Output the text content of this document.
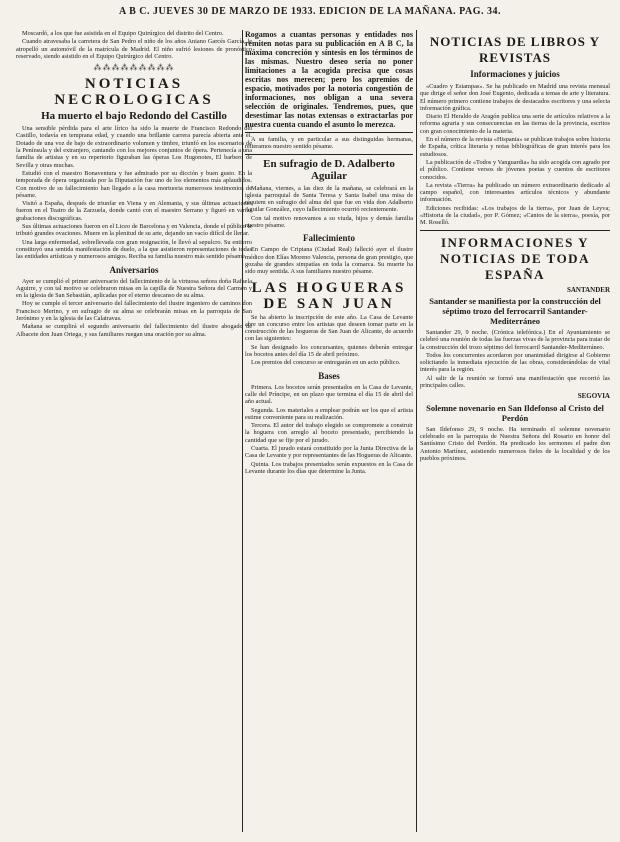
A B C. JUEVES 30 DE MARZO DE 1933. EDICION DE LA MAÑANA. PAG. 34.

Moscardó, a los que fue asistida en el Equipo Quirúrgico del distrito del Centro.

Cuando atravesaba la carretera de San Pedro el niño de los años Aniano Garcés García, le atropelló un automóvil de la matrícula de Madrid. El niño sufrió lesiones de pronóstico reservado, siendo asistido en el Equipo Quirúrgico del Centro.

⁂⁂⁂⁂⁂⁂⁂⁂⁂
NOTICIAS NECROLOGICAS
Ha muerto el bajo Redondo del Castillo

Una sensible pérdida para el arte lírico ha sido la muerte de Francisco Redondo del Castillo, todavía en temprana edad, y cuando una brillante carrera parecía abierta ante él. Dotado de una voz de bajo de extraordinario volumen y timbre, triunfó en los escenarios de la Península y del extranjero, cantando con los mejores conjuntos de ópera. Pertenecía a una familia de artistas y en su repertorio figuraban las óperas Los Hugonotes, El barbero de Sevilla y otras muchas.

Estudió con el maestro Bonaventura y fue admirado por su dicción y buen gusto. En la temporada de ópera organizada por la Diputación fue uno de los elementos más aplaudidos. Con motivo de su fallecimiento han llegado a la casa mortuoria numerosos testimonios de pésame.

Visitó a España, después de triunfar en Viena y en Alemania, y sus últimas actuaciones fueron en el Teatro de la Zarzuela, donde cantó con el maestro Serrano y figuró en varias grabaciones discográficas.

Sus últimas actuaciones fueron en el Liceo de Barcelona y en Valencia, donde el público le tributó grandes ovaciones. Muere en la plenitud de su arte, dejando un vacío difícil de llenar.

Una larga enfermedad, sobrellevada con gran resignación, le llevó al sepulcro. Su entierro constituyó una sentida manifestación de duelo, a la que asistieron representaciones de todas las entidades artísticas y numerosos amigos. Reciba su familia nuestro más sentido pésame.

Aniversarios

Ayer se cumplió el primer aniversario del fallecimiento de la virtuosa señora doña Rafaela Aguirre, y con tal motivo se celebraron misas en la capilla de Nuestra Señora del Carmen y en la iglesia de San Sebastián, aplicadas por el eterno descanso de su alma.

Hoy se cumple el tercer aniversario del fallecimiento del ilustre ingeniero de caminos don Francisco Merino, y en sufragio de su alma se celebrarán misas en la parroquia de San Jerónimo y en la iglesia de las Calatravas.

Mañana se cumplirá el segundo aniversario del fallecimiento del ilustre abogado de Albacete don Juan Ortega, y sus familiares ruegan una oración por su alma.

Rogamos a cuantas personas y entidades nos remiten notas para su publicación en A B C, la máxima concreción y síntesis en los términos de las mismas. Nuestro deseo sería no poner limitaciones a la acogida precisa que cosas escritas nos merecen; pero los apremios de espacio, motivados por la notoria congestión de informaciones, nos obligan a una severa selección de originales. Tendremos, pues, que desestimar las notas extensas o extractarlas por nuestra cuenta cuando el asunto lo merezca.

A su familia, y en particular a sus distinguidas hermanas, reiteramos nuestro sentido pésame.

En sufragio de D. Adalberto Aguilar

Mañana, viernes, a las diez de la mañana, se celebrará en la iglesia parroquial de Santa Teresa y Santa Isabel una misa de réquiem en sufragio del alma del que fue en vida don Adalberto Aguilar González, cuyo fallecimiento ocurrió recientemente.

Con tal motivo renovamos a su viuda, hijos y demás familia nuestro pésame.

Fallecimiento

En Campo de Criptana (Ciudad Real) falleció ayer el ilustre médico don Elías Moreno Valencia, persona de gran prestigio, que gozaba de grandes simpatías en toda la comarca. Su muerte ha sido muy sentida. A sus familiares nuestro pésame.

LAS HOGUERAS DE SAN JUAN

Se ha abierto la inscripción de este año. La Casa de Levante abre un concurso entre los artistas que deseen tomar parte en la construcción de las hogueras de San Juan de Alicante, de acuerdo con las siguientes:

Se han designado los concursantes, quienes deberán entregar los bocetos antes del día 15 de abril próximo.

Los premios del concurso se entregarán en un acto público.

Bases

Primera. Los bocetos serán presentados en la Casa de Levante, calle del Príncipe, en un plazo que termina el día 15 de abril del año actual.

Segunda. Los materiales a emplear podrán ser los que el artista estime conveniente para su realización.

Tercera. El autor del trabajo elegido se compromete a construir la hoguera con arreglo al boceto presentado, percibiendo la cantidad que se fije por el jurado.

Cuarta. El jurado estará constituido por la Junta Directiva de la Casa de Levante y por representantes de las Hogueras de Alicante.

Quinta. Los trabajos presentados serán expuestos en la Casa de Levante durante los días que determine la Junta.

NOTICIAS DE LIBROS Y REVISTAS
Informaciones y juicios

«Cuadro y Estampas». Se ha publicado en Madrid una revista mensual que dirige el señor don José Eugenio, dedicada a temas de arte y literatura. El número primero contiene trabajos de destacados escritores y una selecta información gráfica.

Diario El Heraldo de Aragón publica una serie de artículos relativos a la reforma agraria y sus consecuencias en las tierras de la provincia, escritos con gran conocimiento de la materia.

En el número de la revista «Hispania» se publican trabajos sobre historia de España, crítica literaria y notas bibliográficas de gran interés para los estudiosos.

La publicación de «Todos y Vanguardia» ha sido acogida con agrado por el público. Contiene versos de jóvenes poetas y cuentos de escritores conocidos.

La revista «Tierra» ha publicado un número extraordinario dedicado al campo español, con interesantes artículos técnicos y abundante información.

Ediciones recibidas: «Los trabajos de la tierra», por Juan de Leyva; «Historia de la ciudad», por P. Gómez; «Cantos de la sierra», poesía, por M. Roselló.

INFORMACIONES Y NOTICIAS DE TODA ESPAÑA
SANTANDER
Santander se manifiesta por la construcción del séptimo trozo del ferrocarril Santander-Mediterráneo

Santander 29, 9 noche. (Crónica telefónica.) En el Ayuntamiento se celebró una reunión de todas las fuerzas vivas de la provincia para tratar de la construcción del trozo séptimo del ferrocarril Santander-Mediterráneo.

Todos los concurrentes acordaron por unanimidad dirigirse al Gobierno solicitando la inmediata ejecución de las obras, considerándolas de vital interés para la región.

Al salir de la reunión se formó una manifestación que recorrió las principales calles.

SEGOVIA
Solemne novenario en San Ildefonso al Cristo del Perdón

San Ildefonso 29, 9 noche. Ha terminado el solemne novenario celebrado en la parroquia de Nuestra Señora del Rosario en honor del Santísimo Cristo del Perdón. Ha predicado los sermones el padre don Antonio Martínez, asistiendo numerosos fieles de la localidad y de los pueblos próximos.
